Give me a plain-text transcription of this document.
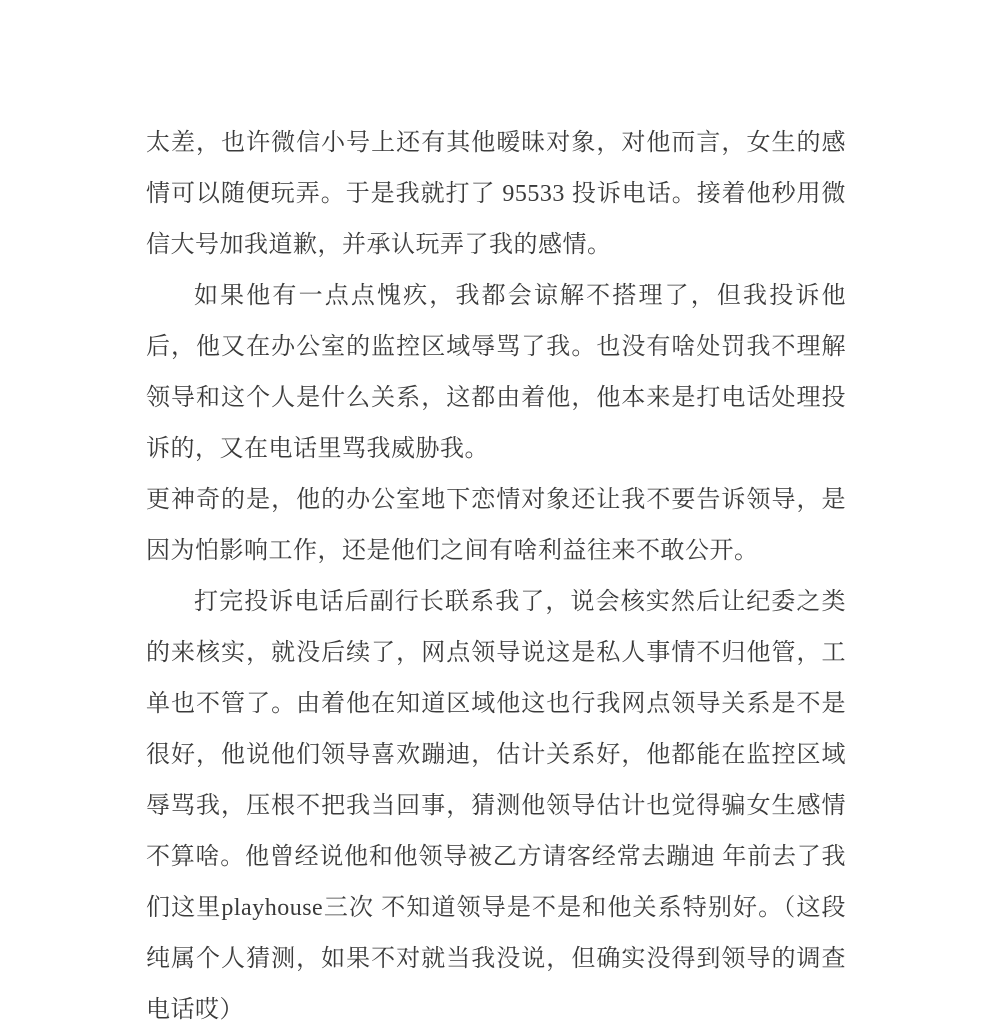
太差，也许微信小号上还有其他暧昧对象，对他而言，女生的感情可以随便玩弄。于是我就打了 95533 投诉电话。接着他秒用微信大号加我道歉，并承认玩弄了我的感情。

如果他有一点点愧疚，我都会谅解不搭理了，但我投诉他后，他又在办公室的监控区域辱骂了我。也没有啥处罚我不理解领导和这个人是什么关系，这都由着他，他本来是打电话处理投诉的，又在电话里骂我威胁我。

更神奇的是，他的办公室地下恋情对象还让我不要告诉领导，是因为怕影响工作，还是他们之间有啥利益往来不敢公开。

打完投诉电话后副行长联系我了，说会核实然后让纪委之类的来核实，就没后续了，网点领导说这是私人事情不归他管，工单也不管了。由着他在知道区域他这也行我网点领导关系是不是很好，他说他们领导喜欢蹦迪，估计关系好，他都能在监控区域辱骂我，压根不把我当回事，猜测他领导估计也觉得骗女生感情不算啥。他曾经说他和他领导被乙方请客经常去蹦迪 年前去了我们这里playhouse三次 不知道领导是不是和他关系特别好。（这段纯属个人猜测，如果不对就当我没说，但确实没得到领导的调查电话哎）
